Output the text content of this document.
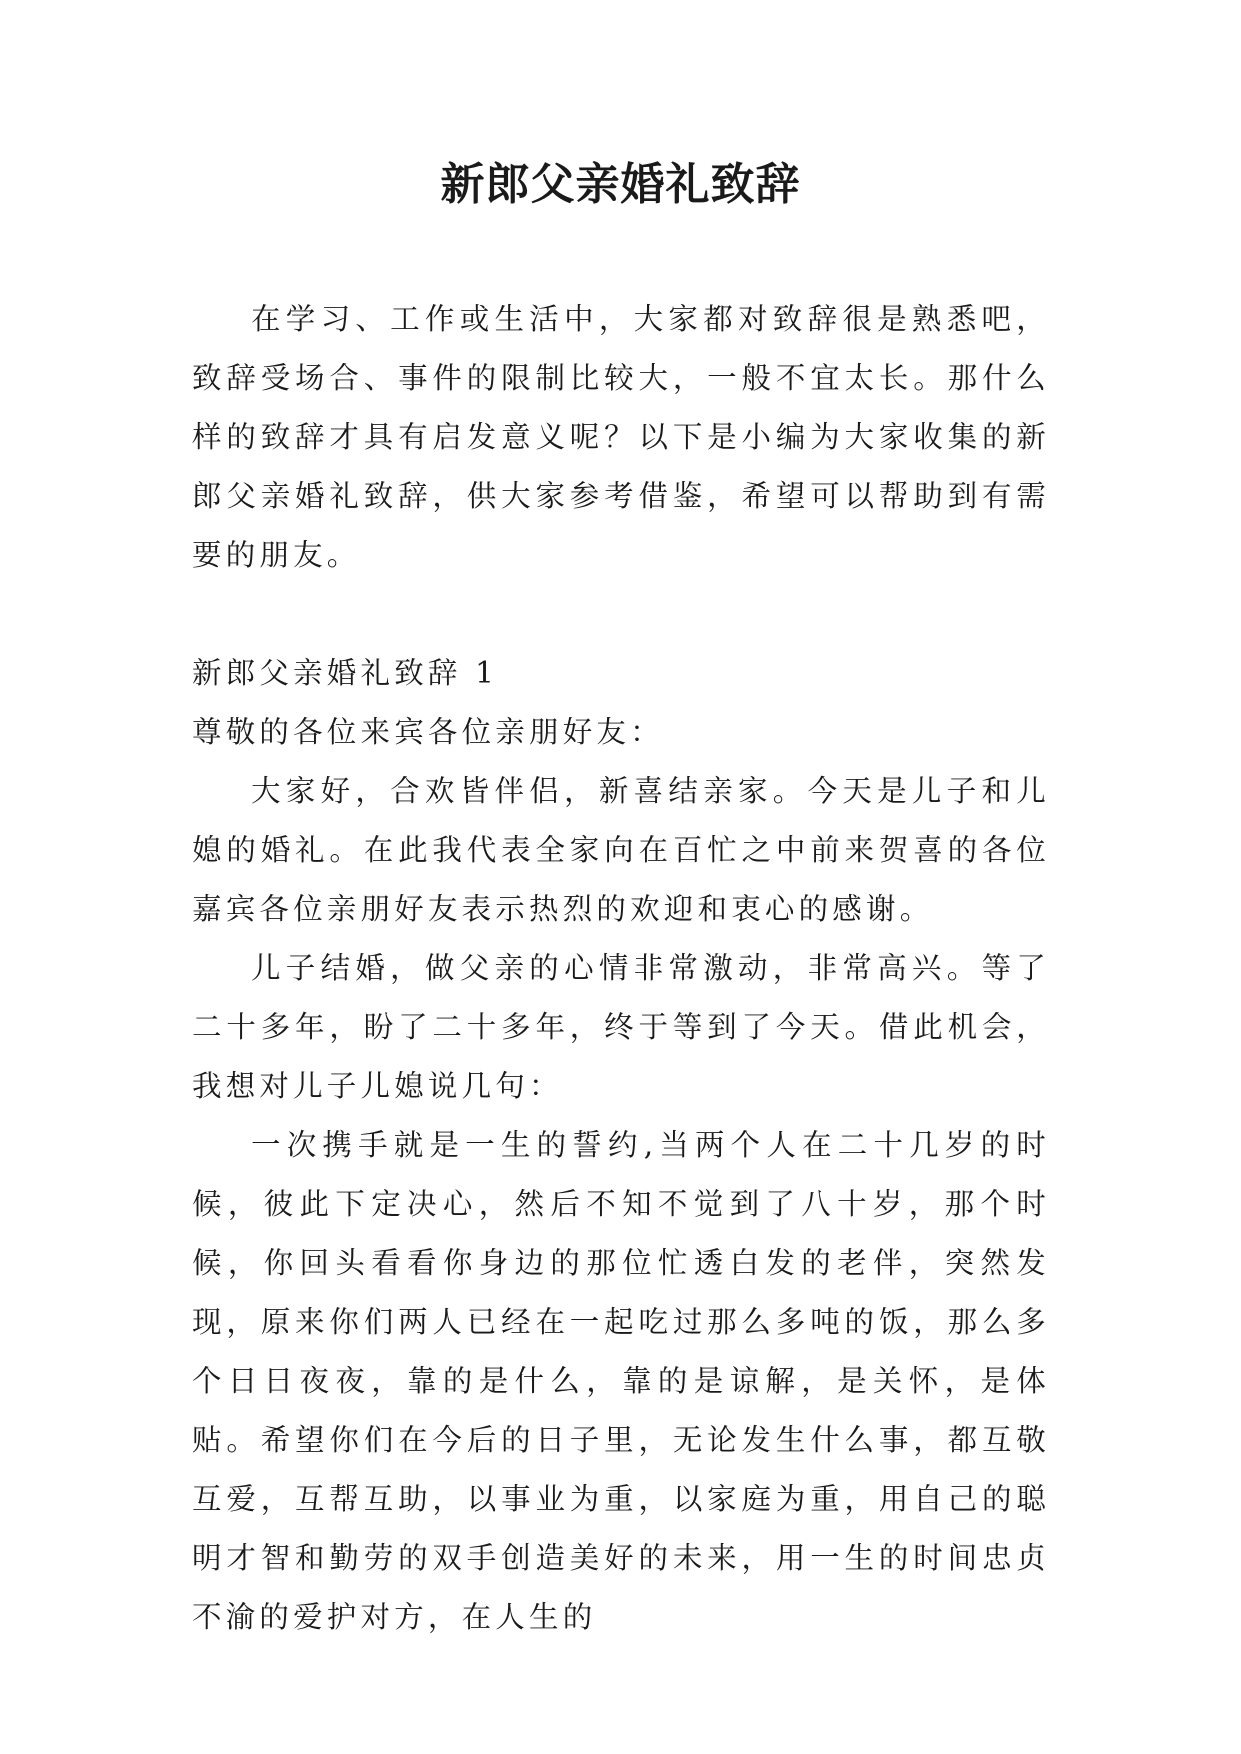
新郎父亲婚礼致辞

在学习、工作或生活中，大家都对致辞很是熟悉吧，致辞受场合、事件的限制比较大，一般不宜太长。那什么样的致辞才具有启发意义呢？以下是小编为大家收集的新郎父亲婚礼致辞，供大家参考借鉴，希望可以帮助到有需要的朋友。

新郎父亲婚礼致辞 1

尊敬的各位来宾各位亲朋好友：

大家好，合欢皆伴侣，新喜结亲家。今天是儿子和儿媳的婚礼。在此我代表全家向在百忙之中前来贺喜的各位嘉宾各位亲朋好友表示热烈的欢迎和衷心的感谢。

儿子结婚，做父亲的心情非常激动，非常高兴。等了二十多年，盼了二十多年，终于等到了今天。借此机会，我想对儿子儿媳说几句：

一次携手就是一生的誓约,当两个人在二十几岁的时候，彼此下定决心，然后不知不觉到了八十岁，那个时候，你回头看看你身边的那位忙透白发的老伴，突然发现，原来你们两人已经在一起吃过那么多吨的饭，那么多个日日夜夜，靠的是什么，靠的是谅解，是关怀，是体贴。希望你们在今后的日子里，无论发生什么事，都互敬互爱，互帮互助，以事业为重，以家庭为重，用自己的聪明才智和勤劳的双手创造美好的未来，用一生的时间忠贞不渝的爱护对方，在人生的
